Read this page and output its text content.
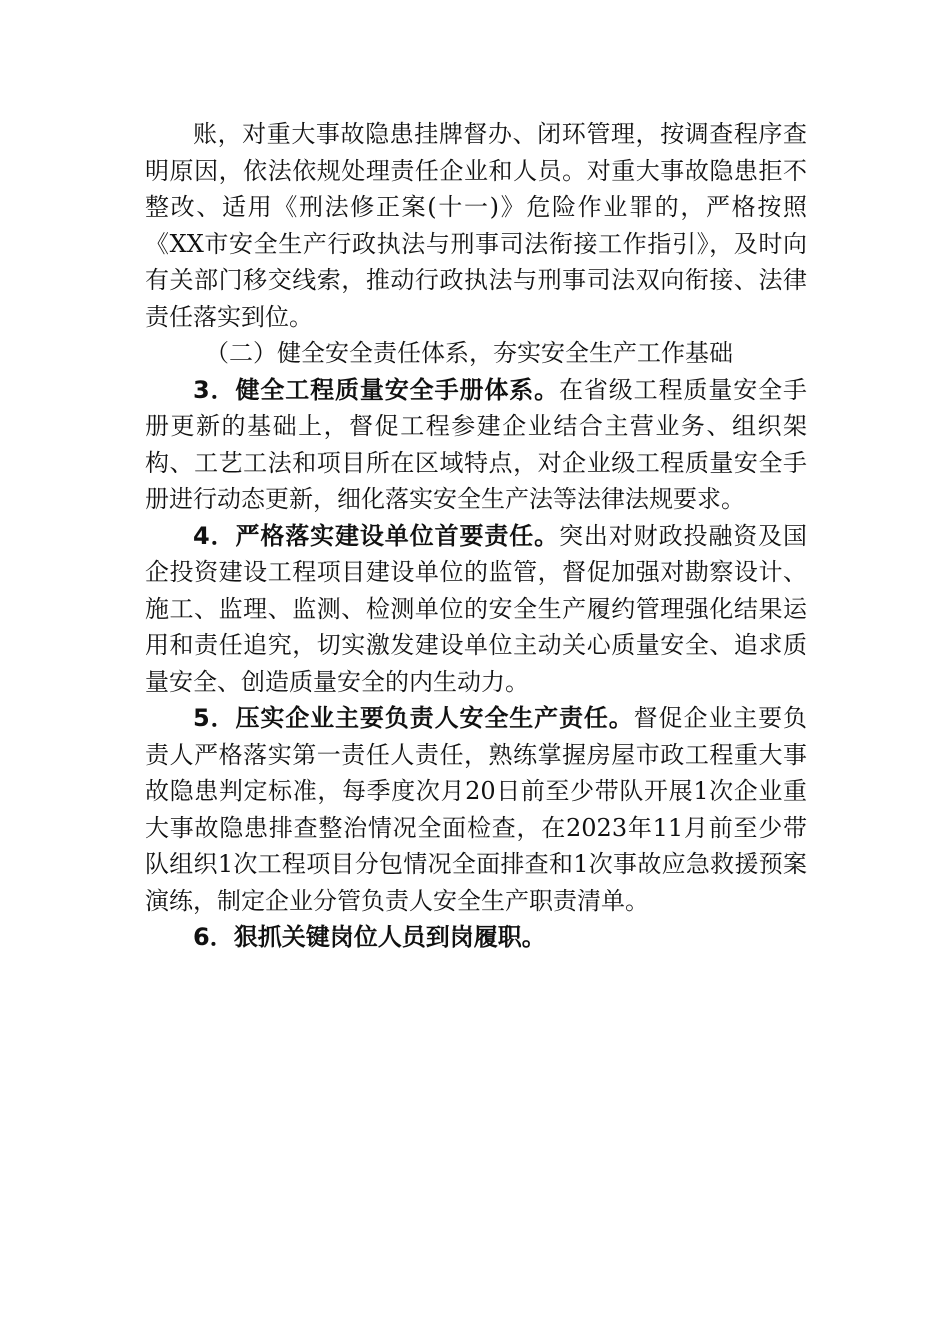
账，对重大事故隐患挂牌督办、闭环管理，按调查程序查明原因，依法依规处理责任企业和人员。对重大事故隐患拒不整改、适用《刑法修正案(十一)》危险作业罪的，严格按照《XX市安全生产行政执法与刑事司法衔接工作指引》，及时向有关部门移交线索，推动行政执法与刑事司法双向衔接、法律责任落实到位。

（二）健全安全责任体系，夯实安全生产工作基础

3．健全工程质量安全手册体系。在省级工程质量安全手册更新的基础上，督促工程参建企业结合主营业务、组织架构、工艺工法和项目所在区域特点，对企业级工程质量安全手册进行动态更新，细化落实安全生产法等法律法规要求。

4．严格落实建设单位首要责任。突出对财政投融资及国企投资建设工程项目建设单位的监管，督促加强对勘察设计、施工、监理、监测、检测单位的安全生产履约管理强化结果运用和责任追究，切实激发建设单位主动关心质量安全、追求质量安全、创造质量安全的内生动力。

5．压实企业主要负责人安全生产责任。督促企业主要负责人严格落实第一责任人责任，熟练掌握房屋市政工程重大事故隐患判定标准，每季度次月20日前至少带队开展1次企业重大事故隐患排查整治情况全面检查，在2023年11月前至少带队组织1次工程项目分包情况全面排查和1次事故应急救援预案演练，制定企业分管负责人安全生产职责清单。

6．狠抓关键岗位人员到岗履职。
